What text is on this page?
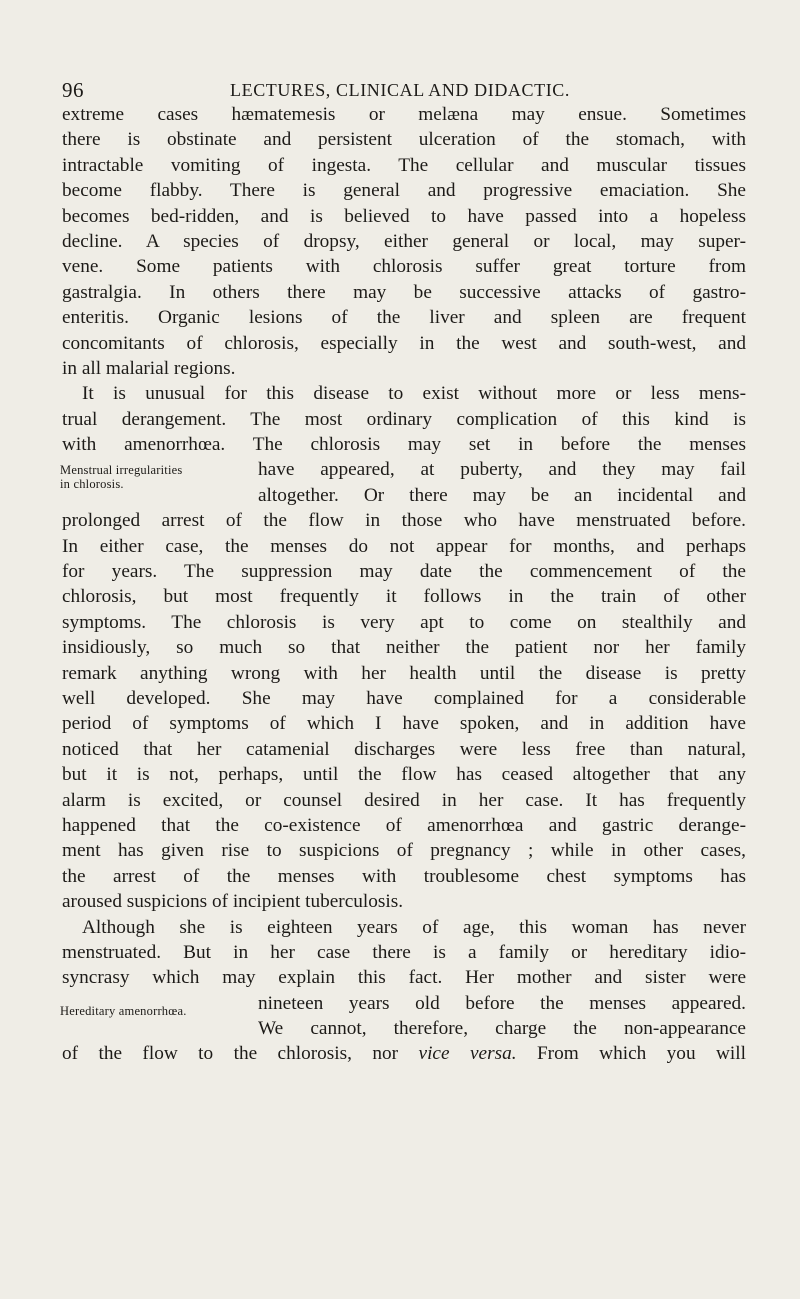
96	LECTURES, CLINICAL AND DIDACTIC.
extreme cases hæmatemesis or melæna may ensue. Sometimes
there is obstinate and persistent ulceration of the stomach, with
intractable vomiting of ingesta. The cellular and muscular tissues
become flabby. There is general and progressive emaciation. She
becomes bed-ridden, and is believed to have passed into a hopeless
decline. A species of dropsy, either general or local, may super-
vene. Some patients with chlorosis suffer great torture from
gastralgia. In others there may be successive attacks of gastro-
enteritis. Organic lesions of the liver and spleen are frequent
concomitants of chlorosis, especially in the west and south-west, and
in all malarial regions.
It is unusual for this disease to exist without more or less mens-
trual derangement. The most ordinary complication of this kind is
with amenorrhœa. The chlorosis may set in before the menses
Menstrual irregularities	have appeared, at puberty, and they may fail
in chlorosis.
altogether. Or there may be an incidental and
prolonged arrest of the flow in those who have menstruated before.
In either case, the menses do not appear for months, and perhaps
for years. The suppression may date the commencement of the
chlorosis, but most frequently it follows in the train of other
symptoms. The chlorosis is very apt to come on stealthily and
insidiously, so much so that neither the patient nor her family
remark anything wrong with her health until the disease is pretty
well developed. She may have complained for a considerable
period of symptoms of which I have spoken, and in addition have
noticed that her catamenial discharges were less free than natural,
but it is not, perhaps, until the flow has ceased altogether that any
alarm is excited, or counsel desired in her case. It has frequently
happened that the co-existence of amenorrhœa and gastric derange-
ment has given rise to suspicions of pregnancy ; while in other cases,
the arrest of the menses with troublesome chest symptoms has
aroused suspicions of incipient tuberculosis.
Although she is eighteen years of age, this woman has never
menstruated. But in her case there is a family or hereditary idio-
syncrasy which may explain this fact. Her mother and sister were
nineteen years old before the menses appeared.
Hereditary amenorrhœa.
We cannot, therefore, charge the non-appearance
of the flow to the chlorosis, nor vice versa. From which you will
